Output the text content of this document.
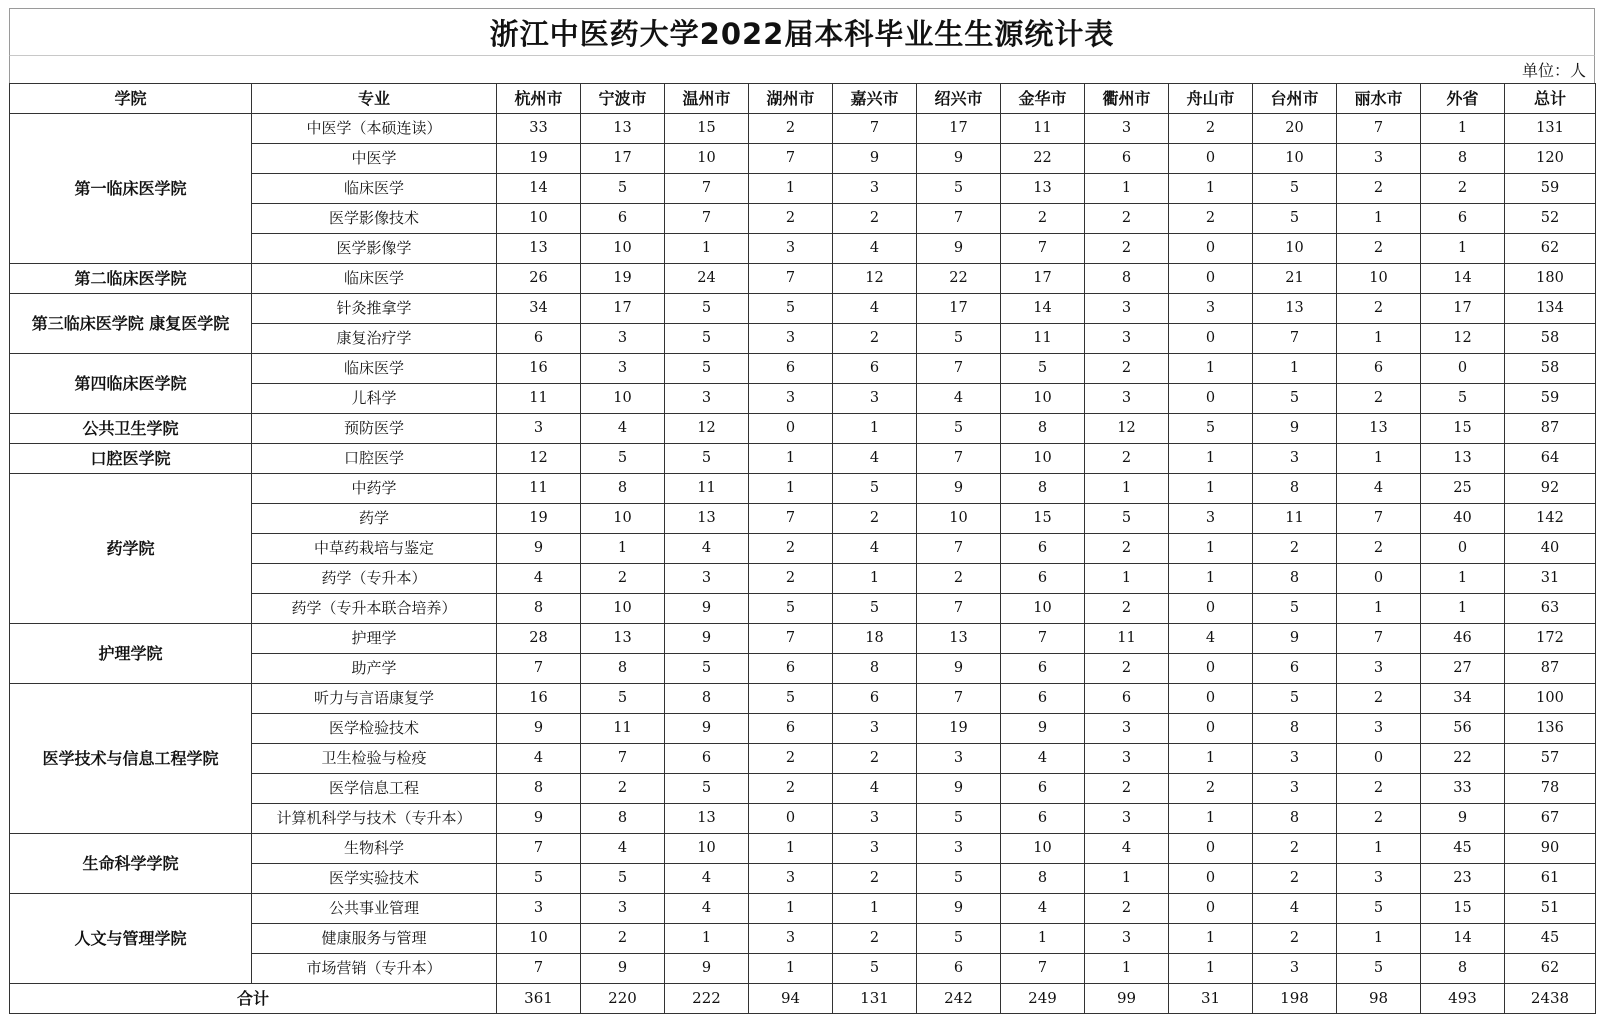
浙江中医药大学2022届本科毕业生生源统计表
单位：人
学院	专业	杭州市	宁波市	温州市	湖州市	嘉兴市	绍兴市	金华市	衢州市	舟山市	台州市	丽水市	外省	总计
第一临床医学院	中医学（本硕连读）	33	13	15	2	7	17	11	3	2	20	7	1	131
	中医学	19	17	10	7	9	9	22	6	0	10	3	8	120
	临床医学	14	5	7	1	3	5	13	1	1	5	2	2	59
	医学影像技术	10	6	7	2	2	7	2	2	2	5	1	6	52
	医学影像学	13	10	1	3	4	9	7	2	0	10	2	1	62
第二临床医学院	临床医学	26	19	24	7	12	22	17	8	0	21	10	14	180
第三临床医学院 康复医学院	针灸推拿学	34	17	5	5	4	17	14	3	3	13	2	17	134
	康复治疗学	6	3	5	3	2	5	11	3	0	7	1	12	58
第四临床医学院	临床医学	16	3	5	6	6	7	5	2	1	1	6	0	58
	儿科学	11	10	3	3	3	4	10	3	0	5	2	5	59
公共卫生学院	预防医学	3	4	12	0	1	5	8	12	5	9	13	15	87
口腔医学院	口腔医学	12	5	5	1	4	7	10	2	1	3	1	13	64
药学院	中药学	11	8	11	1	5	9	8	1	1	8	4	25	92
	药学	19	10	13	7	2	10	15	5	3	11	7	40	142
	中草药栽培与鉴定	9	1	4	2	4	7	6	2	1	2	2	0	40
	药学（专升本）	4	2	3	2	1	2	6	1	1	8	0	1	31
	药学（专升本联合培养）	8	10	9	5	5	7	10	2	0	5	1	1	63
护理学院	护理学	28	13	9	7	18	13	7	11	4	9	7	46	172
	助产学	7	8	5	6	8	9	6	2	0	6	3	27	87
医学技术与信息工程学院	听力与言语康复学	16	5	8	5	6	7	6	6	0	5	2	34	100
	医学检验技术	9	11	9	6	3	19	9	3	0	8	3	56	136
	卫生检验与检疫	4	7	6	2	2	3	4	3	1	3	0	22	57
	医学信息工程	8	2	5	2	4	9	6	2	2	3	2	33	78
	计算机科学与技术（专升本）	9	8	13	0	3	5	6	3	1	8	2	9	67
生命科学学院	生物科学	7	4	10	1	3	3	10	4	0	2	1	45	90
	医学实验技术	5	5	4	3	2	5	8	1	0	2	3	23	61
人文与管理学院	公共事业管理	3	3	4	1	1	9	4	2	0	4	5	15	51
	健康服务与管理	10	2	1	3	2	5	1	3	1	2	1	14	45
	市场营销（专升本）	7	9	9	1	5	6	7	1	1	3	5	8	62
合计		361	220	222	94	131	242	249	99	31	198	98	493	2438
